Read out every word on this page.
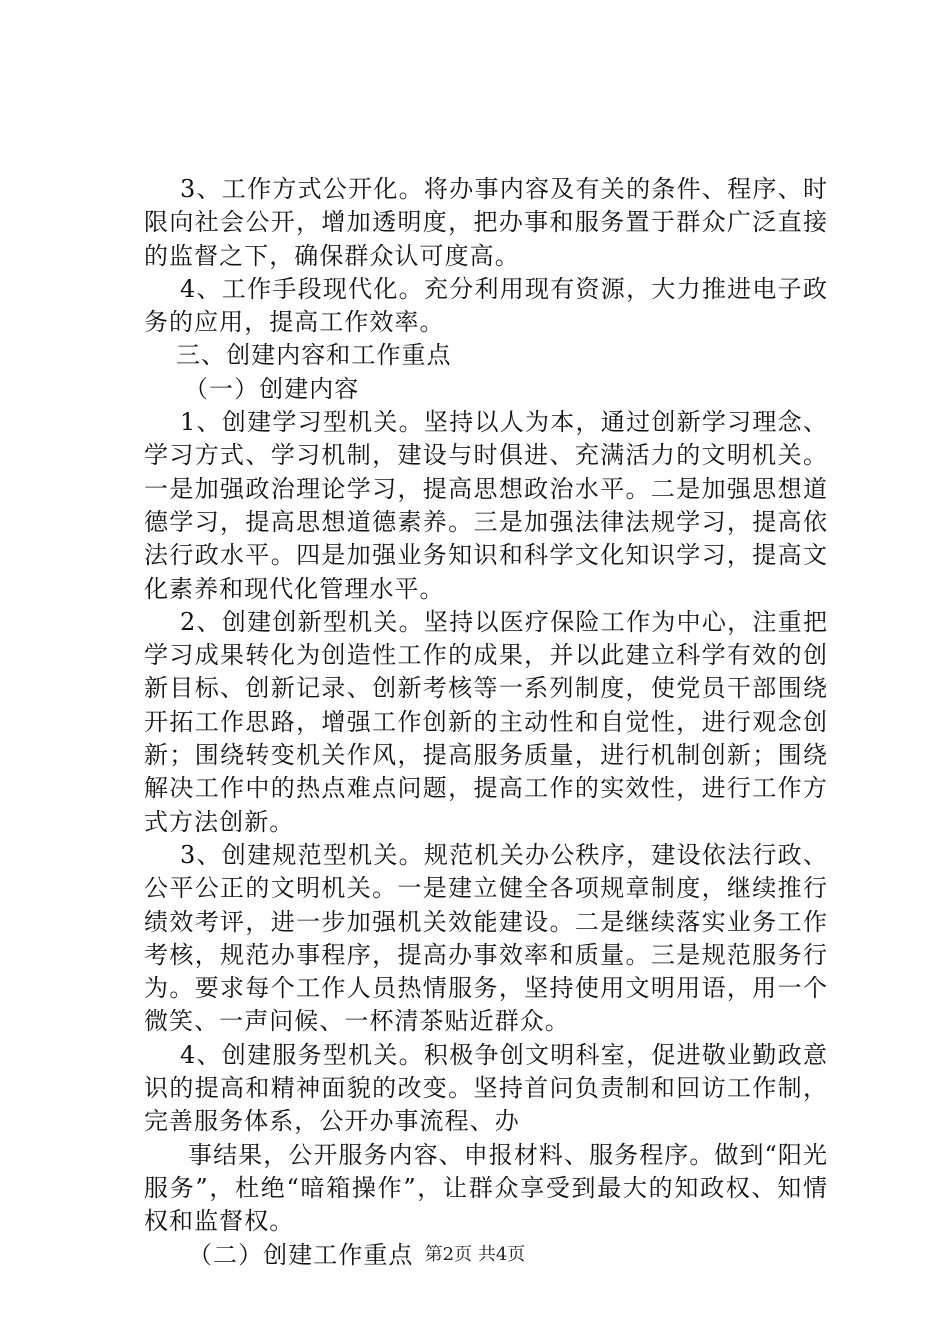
3、工作方式公开化。将办事内容及有关的条件、程序、时限向社会公开，增加透明度，把办事和服务置于群众广泛直接的监督之下，确保群众认可度高。

4、工作手段现代化。充分利用现有资源，大力推进电子政务的应用，提高工作效率。

三、创建内容和工作重点

（一）创建内容

1、创建学习型机关。坚持以人为本，通过创新学习理念、学习方式、学习机制，建设与时俱进、充满活力的文明机关。一是加强政治理论学习，提高思想政治水平。二是加强思想道德学习，提高思想道德素养。三是加强法律法规学习，提高依法行政水平。四是加强业务知识和科学文化知识学习，提高文化素养和现代化管理水平。

2、创建创新型机关。坚持以医疗保险工作为中心，注重把学习成果转化为创造性工作的成果，并以此建立科学有效的创新目标、创新记录、创新考核等一系列制度，使党员干部围绕开拓工作思路，增强工作创新的主动性和自觉性，进行观念创新；围绕转变机关作风，提高服务质量，进行机制创新；围绕解决工作中的热点难点问题，提高工作的实效性，进行工作方式方法创新。

3、创建规范型机关。规范机关办公秩序，建设依法行政、公平公正的文明机关。一是建立健全各项规章制度，继续推行绩效考评，进一步加强机关效能建设。二是继续落实业务工作考核，规范办事程序，提高办事效率和质量。三是规范服务行为。要求每个工作人员热情服务，坚持使用文明用语，用一个微笑、一声问候、一杯清茶贴近群众。

4、创建服务型机关。积极争创文明科室，促进敬业勤政意识的提高和精神面貌的改变。坚持首问负责制和回访工作制，完善服务体系，公开办事流程、办

事结果，公开服务内容、申报材料、服务程序。做到“阳光服务”，杜绝“暗箱操作”，让群众享受到最大的知政权、知情权和监督权。

（二）创建工作重点 第2页 共4页
